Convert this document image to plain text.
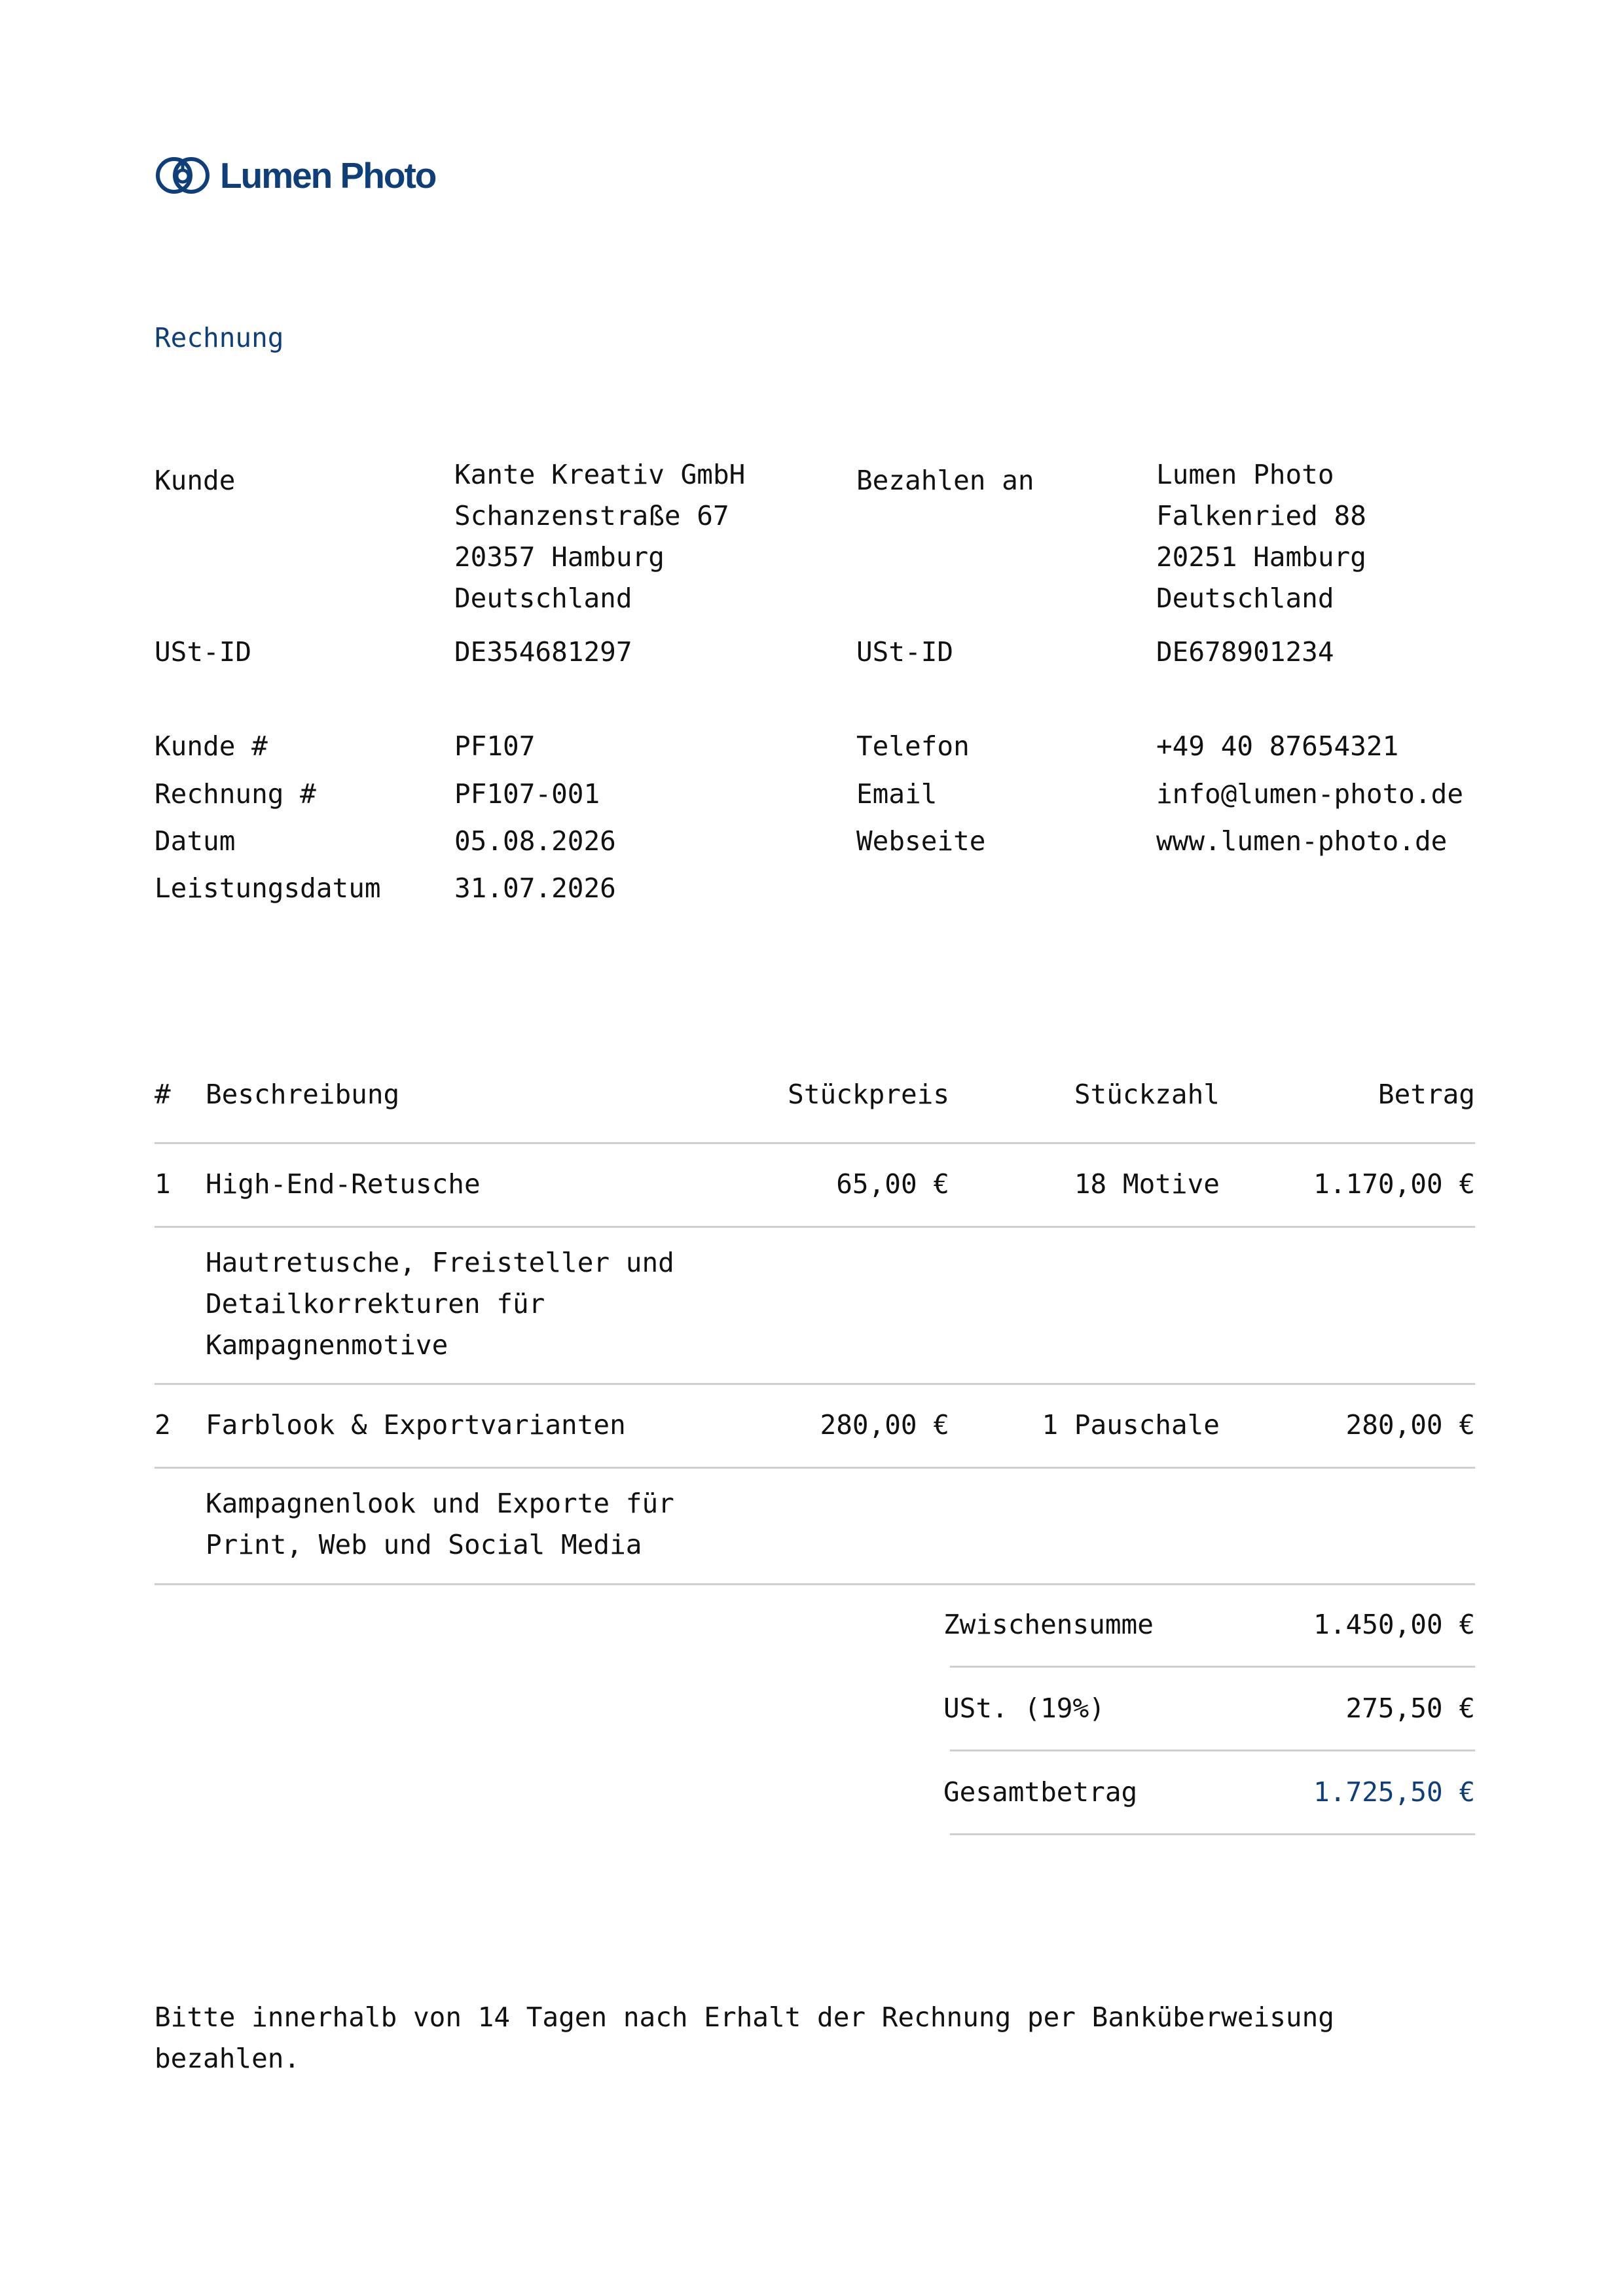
Lumen Photo
Rechnung
Kunde	Kante Kreativ GmbH
Schanzenstraße 67
20357 Hamburg
Deutschland
USt-ID	DE354681297
Bezahlen an	Lumen Photo
Falkenried 88
20251 Hamburg
Deutschland
USt-ID	DE678901234
Kunde #	PF107
Rechnung #	PF107-001
Datum	05.08.2026
Leistungsdatum	31.07.2026
Telefon	+49 40 87654321
Email	info@lumen-photo.de
Webseite	www.lumen-photo.de
# Beschreibung	Stückpreis	Stückzahl	Betrag
1 High-End-Retusche	65,00 €	18 Motive	1.170,00 €
Hautretusche, Freisteller und
Detailkorrekturen für
Kampagnenmotive
2 Farblook & Exportvarianten	280,00 €	1 Pauschale	280,00 €
Kampagnenlook und Exporte für
Print, Web und Social Media
Zwischensumme	1.450,00 €
USt. (19%)	275,50 €
Gesamtbetrag	1.725,50 €
Bitte innerhalb von 14 Tagen nach Erhalt der Rechnung per Banküberweisung
bezahlen.
